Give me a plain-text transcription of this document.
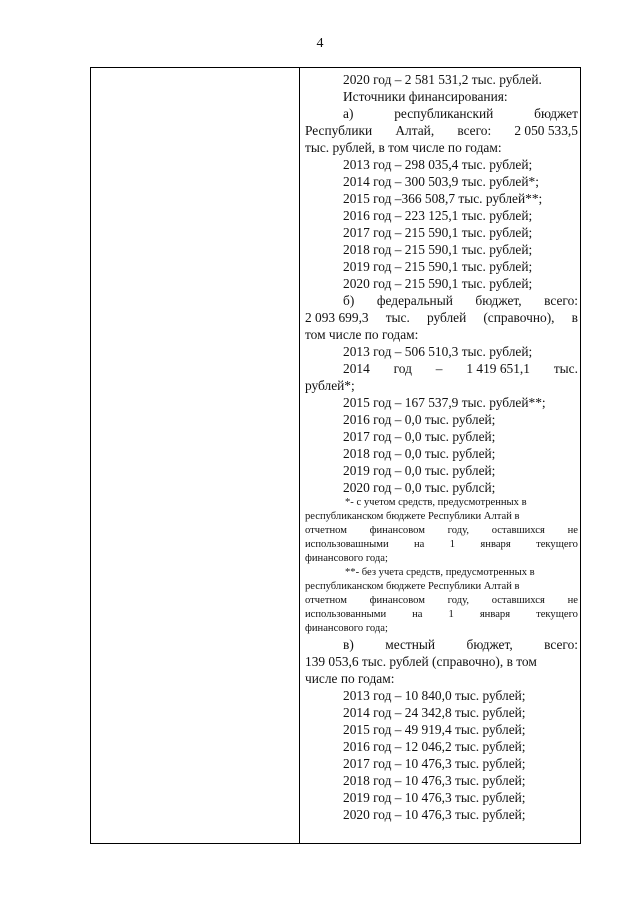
4
2020 год – 2 581 531,2 тыс. рублей.
Источники финансирования:
а)	республиканский	бюджет
Республики Алтай, всего: 2 050 533,5
тыс. рублей, в том числе по годам:
2013 год – 298 035,4 тыс. рублей;
2014 год – 300 503,9 тыс. рублей*;
2015 год –366 508,7 тыс. рублей**;
2016 год – 223 125,1 тыс. рублей;
2017 год – 215 590,1 тыс. рублей;
2018 год – 215 590,1 тыс. рублей;
2019 год – 215 590,1 тыс. рублей;
2020 год – 215 590,1 тыс. рублей;
б) федеральный бюджет, всего:
2 093 699,3 тыс. рублей (справочно), в
том числе по годам:
2013 год – 506 510,3 тыс. рублей;
2014 год – 1 419 651,1 тыс.
рублей*;
2015 год – 167 537,9 тыс. рублей**;
2016 год – 0,0 тыс. рублей;
2017 год – 0,0 тыс. рублей;
2018 год – 0,0 тыс. рублей;
2019 год – 0,0 тыс. рублей;
2020 год – 0,0 тыс. рублсй;
*- с учетом средств, предусмотренных в
республиканском бюджете Республики Алтай в
отчетном финансовом году, оставшихся не
использовашными на 1 января текущего
финансового года;
**- без учета средств, предусмотренных в
республиканском бюджете Республики Алтай в
отчетном финансовом году, оставшихся не
использованными на 1 января текущего
финансового года;
в) местный бюджет, всего:
139 053,6 тыс. рублей (справочно), в том
числе по годам:
2013 год – 10 840,0 тыс. рублей;
2014 год – 24 342,8 тыс. рублей;
2015 год – 49 919,4 тыс. рублей;
2016 год – 12 046,2 тыс. рублей;
2017 год – 10 476,3 тыс. рублей;
2018 год – 10 476,3 тыс. рублей;
2019 год – 10 476,3 тыс. рублей;
2020 год – 10 476,3 тыс. рублей;
